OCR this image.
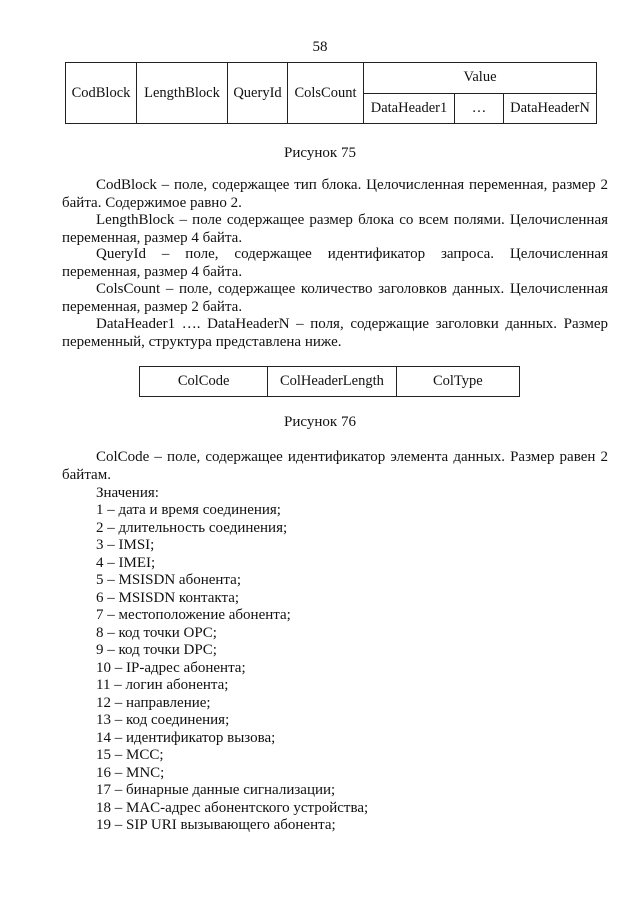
58
CodBlock	LengthBlock	QueryId	ColsCount	Value		
				DataHeader1	…	DataHeaderN
Рисунок 75
CodBlock – поле, содержащее тип блока. Целочисленная переменная, размер 2 байта. Содержимое равно 2.
LengthBlock – поле содержащее размер блока со всем полями. Целочисленная переменная, размер 4 байта.
QueryId – поле, содержащее идентификатор запроса. Целочисленная переменная, размер 4 байта.
ColsCount – поле, содержащее количество заголовков данных. Целочисленная переменная, размер 2 байта.
DataHeader1 …. DataHeaderN – поля, содержащие заголовки данных. Размер переменный, структура представлена ниже.
ColCode	ColHeaderLength	ColType
Рисунок 76
ColCode – поле, содержащее идентификатор элемента данных. Размер равен 2 байтам.
Значения:
1 – дата и время соединения;
2 – длительность соединения;
3 – IMSI;
4 – IMEI;
5 – MSISDN абонента;
6 – MSISDN контакта;
7 – местоположение абонента;
8 – код точки OPC;
9 – код точки DPC;
10 – IP-адрес абонента;
11 – логин абонента;
12 – направление;
13 – код соединения;
14 – идентификатор вызова;
15 – MCC;
16 – MNC;
17 – бинарные данные сигнализации;
18 – MAC-адрес абонентского устройства;
19 – SIP URI вызывающего абонента;
